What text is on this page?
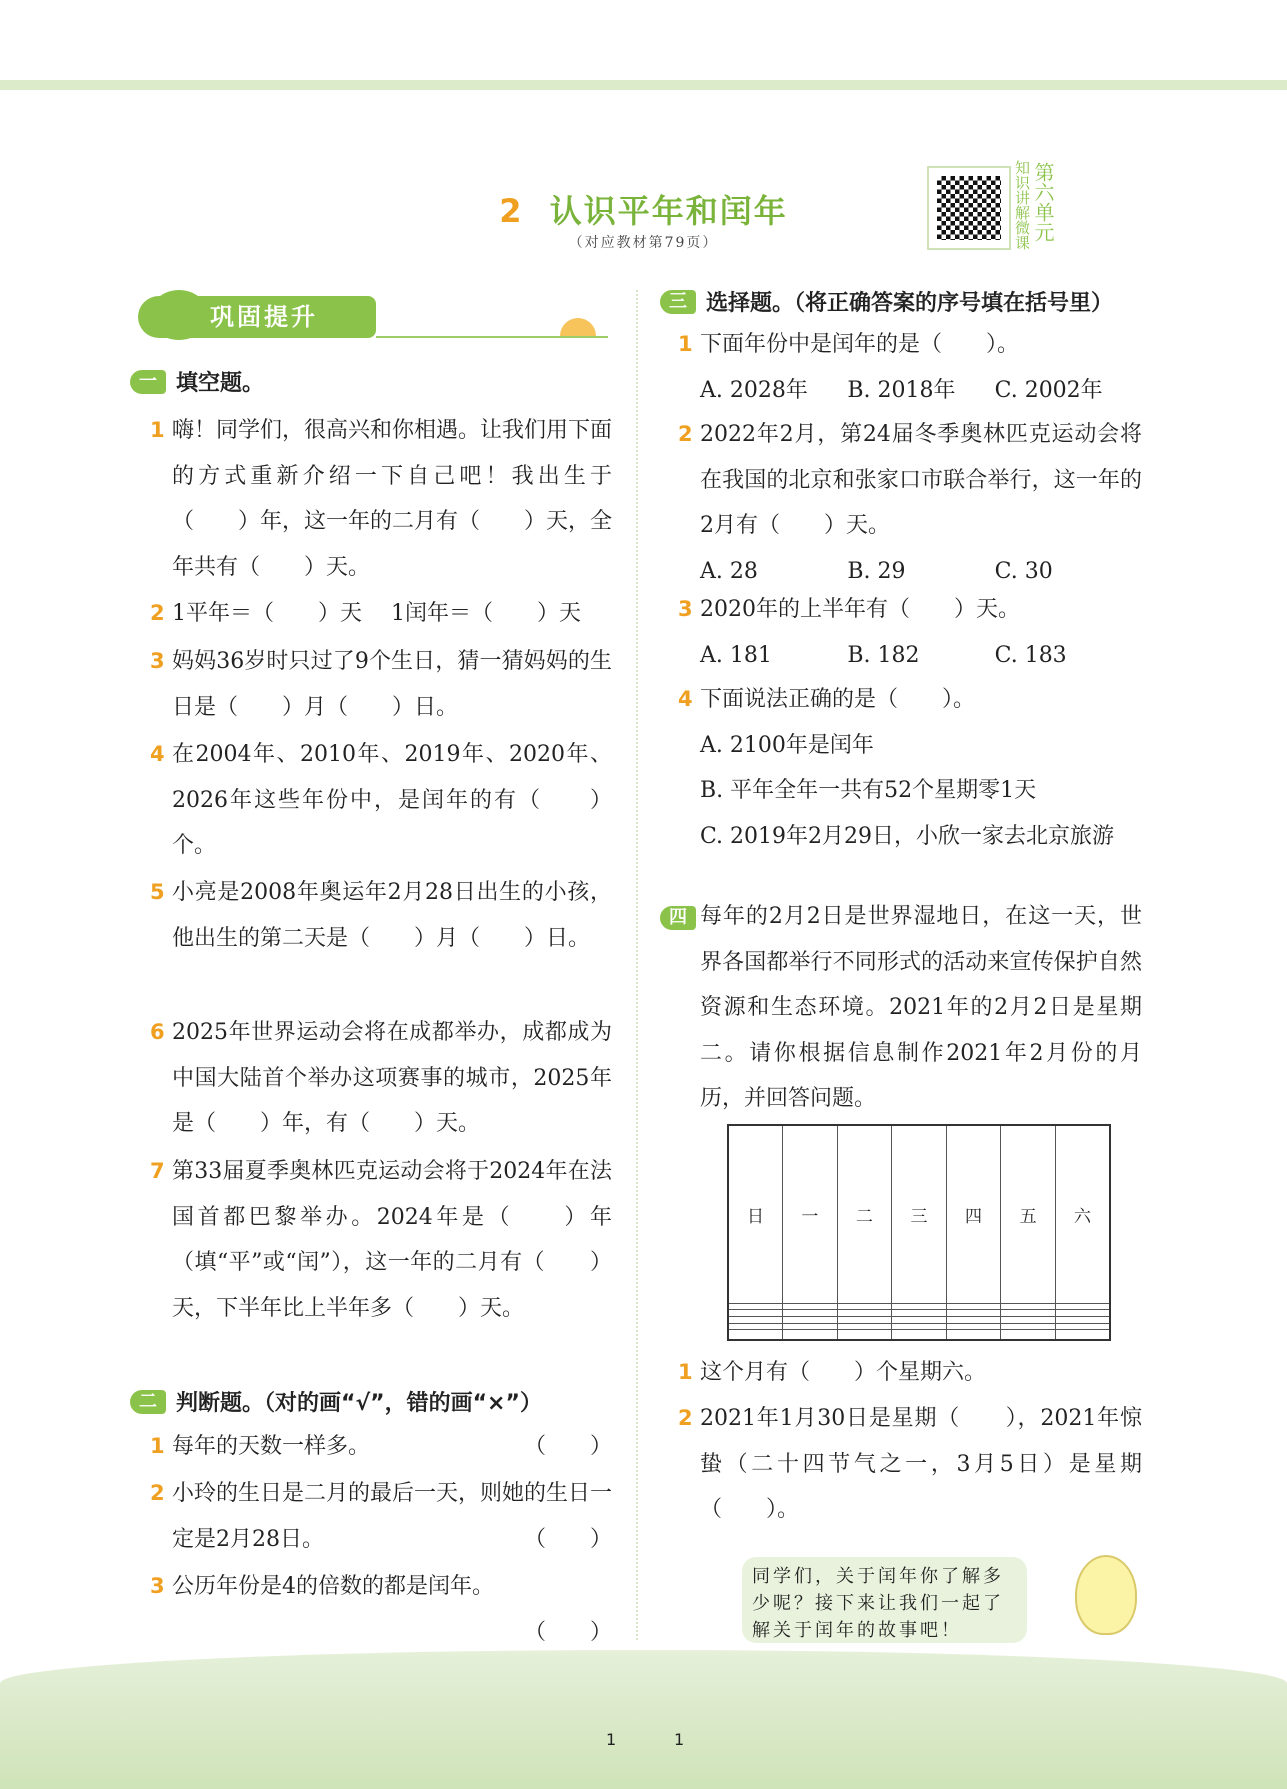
2 认识平年和闰年
（对应教材第79页）	知识讲解微课 第六单元
巩固提升
一 填空题。
1 嗨！同学们，很高兴和你相遇。让我们用下面的方式重新介绍一下自己吧！我出生于（　　）年，这一年的二月有（　　）天，全年共有（　　）天。
2 1平年＝（　　）天　 1闰年＝（　　）天
3 妈妈36岁时只过了9个生日，猜一猜妈妈的生日是（　　）月（　　）日。
4 在2004年、2010年、2019年、2020年、2026年这些年份中，是闰年的有（　　）个。
5 小亮是2008年奥运年2月28日出生的小孩，他出生的第二天是（　　）月（　　）日。
6 2025年世界运动会将在成都举办，成都成为中国大陆首个举办这项赛事的城市，2025年是（　　）年，有（　　）天。
7 第33届夏季奥林匹克运动会将于2024年在法国首都巴黎举办。2024年是（　　）年（填“平”或“闰”），这一年的二月有（　　）天，下半年比上半年多（　　）天。
二 判断题。（对的画“√”，错的画“×”）
1 每年的天数一样多。	（　　）
2 小玲的生日是二月的最后一天，则她的生日一定是2月28日。	（　　）
3 公历年份是4的倍数的都是闰年。
（　　）
三 选择题。（将正确答案的序号填在括号里）
1 下面年份中是闰年的是（　　）。
A. 2028年	B. 2018年	C. 2002年
2 2022年2月，第24届冬季奥林匹克运动会将在我国的北京和张家口市联合举行，这一年的2月有（　　）天。
A. 28	B. 29	C. 30
3 2020年的上半年有（　　）天。
A. 181	B. 182	C. 183
4 下面说法正确的是（　　）。
A. 2100年是闰年
B. 平年全年一共有52个星期零1天
C. 2019年2月29日，小欣一家去北京旅游
四 每年的2月2日是世界湿地日，在这一天，世界各国都举行不同形式的活动来宣传保护自然资源和生态环境。2021年的2月2日是星期二。请你根据信息制作2021年2月份的月历，并回答问题。
日	一	二	三	四	五	六

1 这个月有（　　）个星期六。
2 2021年1月30日是星期（　　），2021年惊蛰（二十四节气之一，3月5日）是星期（　　）。
同学们，关于闰年你了解多少呢？接下来让我们一起了解关于闰年的故事吧！
1	1
